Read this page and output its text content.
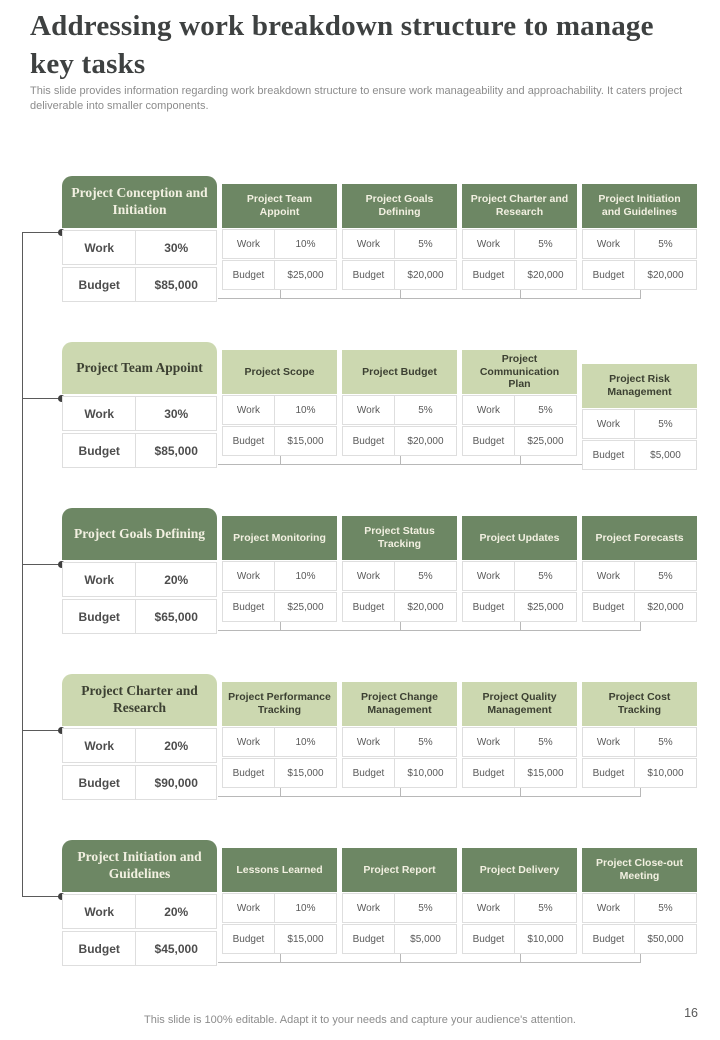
Addressing work breakdown structure to manage key tasks

This slide provides information regarding work breakdown structure to ensure work manageability and approachability. It caters project deliverable into smaller components.

Project Conception and Initiation
Work	30%
Budget	$85,000
Project Team Appoint
Work	10%
Budget	$25,000
Project Goals Defining
Work	5%
Budget	$20,000
Project Charter and Research
Work	5%
Budget	$20,000
Project Initiation and Guidelines
Work	5%
Budget	$20,000
Project Team Appoint
Work	30%
Budget	$85,000
Project Scope
Work	10%
Budget	$15,000
Project Budget
Work	5%
Budget	$20,000
Project Communication Plan
Work	5%
Budget	$25,000
Project Risk Management
Work	5%
Budget	$5,000
Project Goals Defining
Work	20%
Budget	$65,000
Project Monitoring
Work	10%
Budget	$25,000
Project Status Tracking
Work	5%
Budget	$20,000
Project Updates
Work	5%
Budget	$25,000
Project Forecasts
Work	5%
Budget	$20,000
Project Charter and Research
Work	20%
Budget	$90,000
Project Performance Tracking
Work	10%
Budget	$15,000
Project Change Management
Work	5%
Budget	$10,000
Project Quality Management
Work	5%
Budget	$15,000
Project Cost Tracking
Work	5%
Budget	$10,000
Project Initiation and Guidelines
Work	20%
Budget	$45,000
Lessons Learned
Work	10%
Budget	$15,000
Project Report
Work	5%
Budget	$5,000
Project Delivery
Work	5%
Budget	$10,000
Project Close-out Meeting
Work	5%
Budget	$50,000
This slide is 100% editable. Adapt it to your needs and capture your audience's attention.	16
